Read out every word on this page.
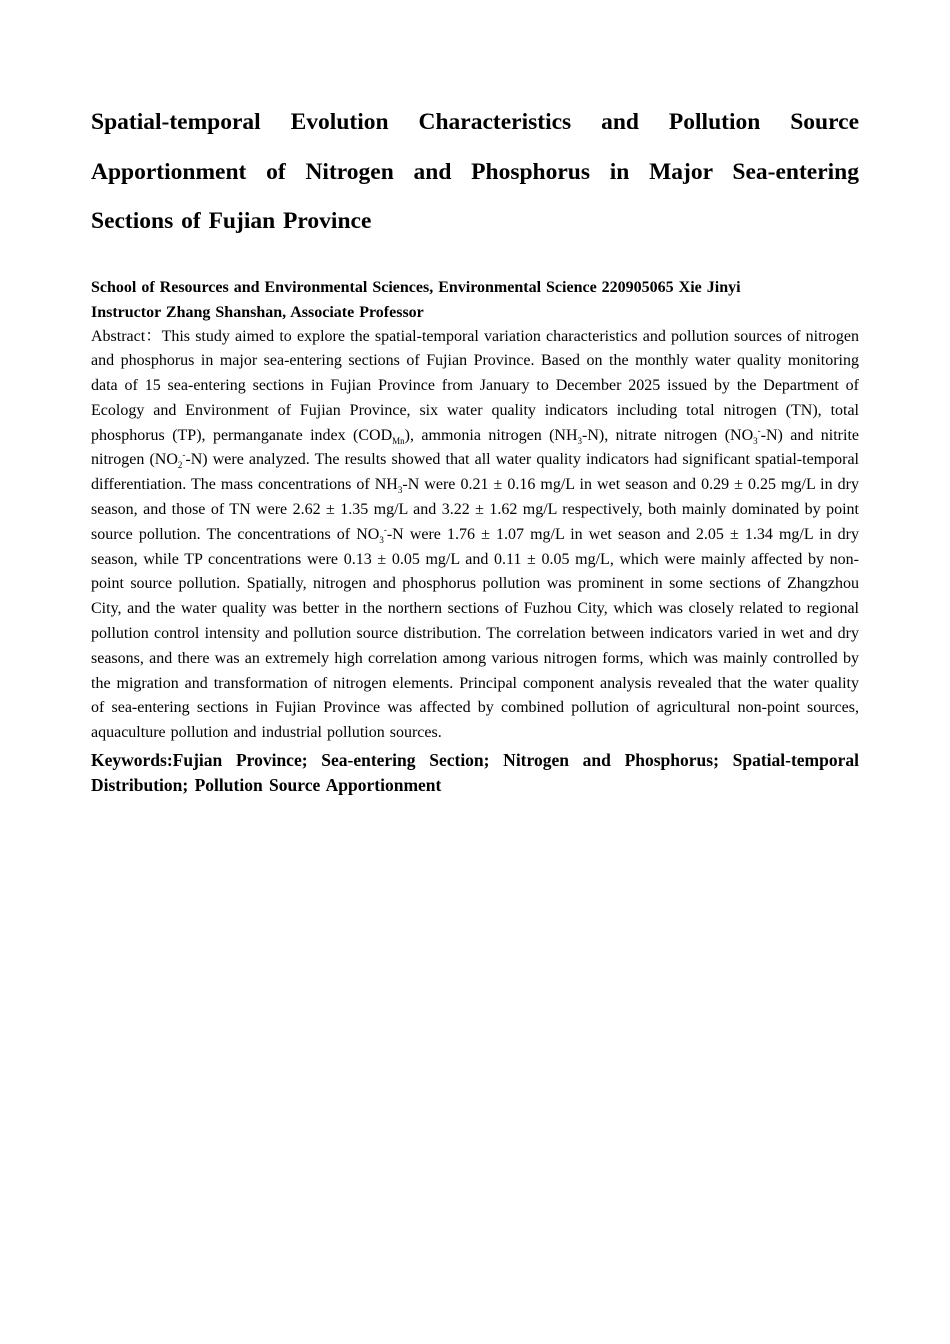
Spatial-temporal Evolution Characteristics and Pollution Source Apportionment of Nitrogen and Phosphorus in Major Sea-entering Sections of Fujian Province
School of Resources and Environmental Sciences, Environmental Science 220905065 Xie Jinyi
Instructor Zhang Shanshan, Associate Professor

Abstract：This study aimed to explore the spatial-temporal variation characteristics and pollution sources of nitrogen and phosphorus in major sea-entering sections of Fujian Province. Based on the monthly water quality monitoring data of 15 sea-entering sections in Fujian Province from January to December 2025 issued by the Department of Ecology and Environment of Fujian Province, six water quality indicators including total nitrogen (TN), total phosphorus (TP), permanganate index $(COD_{Mn})$, ammonia nitrogen $(NH_3-N)$, nitrate nitrogen $(NO_3^--N)$ and nitrite nitrogen $(NO_2^--N)$ were analyzed. The results showed that all water quality indicators had significant spatial-temporal differentiation. The mass concentrations of $NH_3-N$ were 0.21 ± 0.16 mg/L in wet season and 0.29 ± 0.25 mg/L in dry season, and those of TN were 2.62 ± 1.35 mg/L and 3.22 ± 1.62 mg/L respectively, both mainly dominated by point source pollution. The concentrations of $NO_3^--N$ were 1.76 ± 1.07 mg/L in wet season and 2.05 ± 1.34 mg/L in dry season, while TP concentrations were 0.13 ± 0.05 mg/L and 0.11 ± 0.05 mg/L, which were mainly affected by non-point source pollution. Spatially, nitrogen and phosphorus pollution was prominent in some sections of Zhangzhou City, and the water quality was better in the northern sections of Fuzhou City, which was closely related to regional pollution control intensity and pollution source distribution. The correlation between indicators varied in wet and dry seasons, and there was an extremely high correlation among various nitrogen forms, which was mainly controlled by the migration and transformation of nitrogen elements. Principal component analysis revealed that the water quality of sea-entering sections in Fujian Province was affected by combined pollution of agricultural non-point sources, aquaculture pollution and industrial pollution sources.

Keywords:Fujian Province; Sea-entering Section; Nitrogen and Phosphorus; Spatial-temporal Distribution; Pollution Source Apportionment
